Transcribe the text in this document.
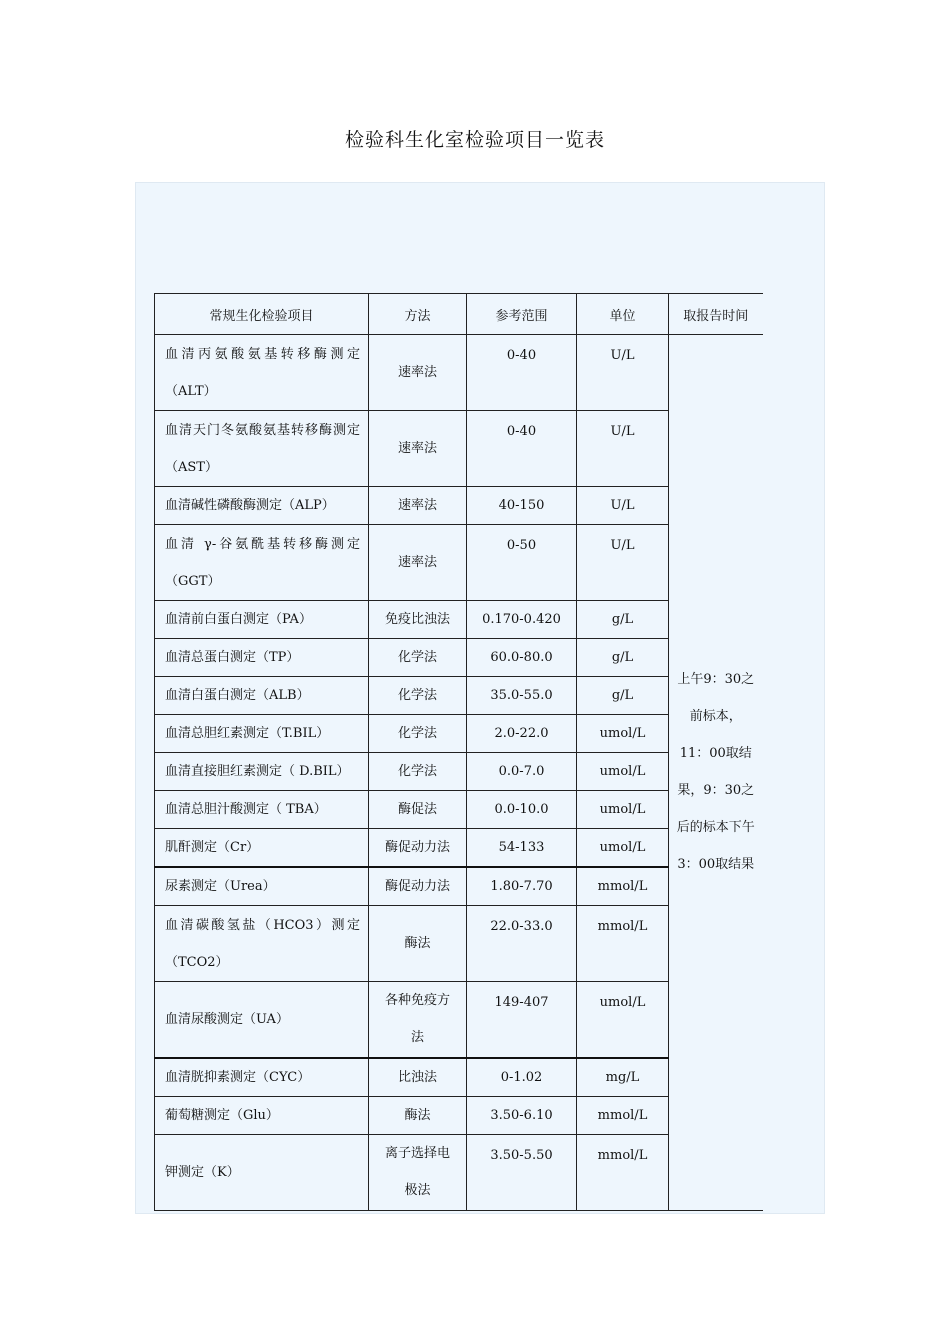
检验科生化室检验项目一览表
常规生化检验项目	方法	参考范围	单位	取报告时间
血清丙氨酸氨基转移酶测定（ALT）	速率法	0-40	U/L	上午9：30之前标本，11：00取结果，9：30之后的标本下午3：00取结果
血清天门冬氨酸氨基转移酶测定（AST）	速率法	0-40	U/L	
血清碱性磷酸酶测定（ALP）	速率法	40-150	U/L	
血清 γ-谷氨酰基转移酶测定（GGT）	速率法	0-50	U/L	
血清前白蛋白测定（PA）	免疫比浊法	0.170-0.420	g/L	
血清总蛋白测定（TP）	化学法	60.0-80.0	g/L	
血清白蛋白测定（ALB）	化学法	35.0-55.0	g/L	
血清总胆红素测定（T.BIL）	化学法	2.0-22.0	umol/L	
血清直接胆红素测定（ D.BIL）	化学法	0.0-7.0	umol/L	
血清总胆汁酸测定（ TBA）	酶促法	0.0-10.0	umol/L	
肌酐测定（Cr）	酶促动力法	54-133	umol/L	
尿素测定（Urea）	酶促动力法	1.80-7.70	mmol/L	
血清碳酸氢盐（HCO3）测定（TCO2）	酶法	22.0-33.0	mmol/L	
血清尿酸测定（UA）	各种免疫方法	149-407	umol/L	
血清胱抑素测定（CYC）	比浊法	0-1.02	mg/L	
葡萄糖测定（Glu）	酶法	3.50-6.10	mmol/L	
钾测定（K）	离子选择电极法	3.50-5.50	mmol/L	
